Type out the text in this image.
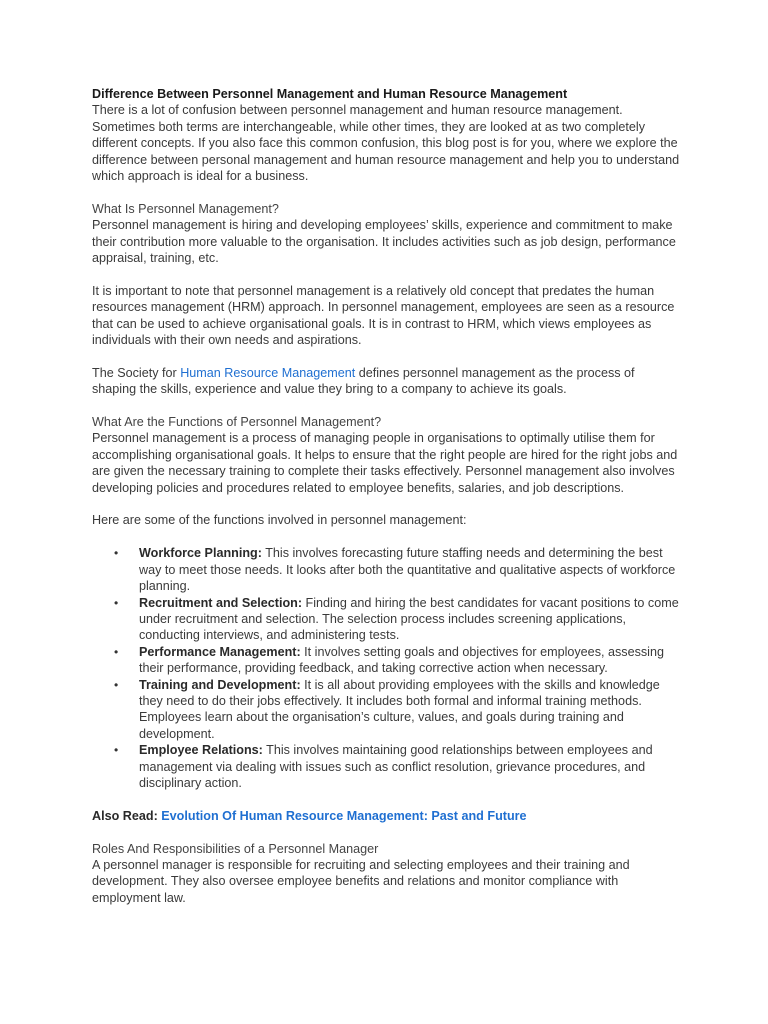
Difference Between Personnel Management and Human Resource Management

There is a lot of confusion between personnel management and human resource management. Sometimes both terms are interchangeable, while other times, they are looked at as two completely different concepts. If you also face this common confusion, this blog post is for you, where we explore the difference between personal management and human resource management and help you to understand which approach is ideal for a business.

What Is Personnel Management?

Personnel management is hiring and developing employees’ skills, experience and commitment to make their contribution more valuable to the organisation. It includes activities such as job design, performance appraisal, training, etc.

It is important to note that personnel management is a relatively old concept that predates the human resources management (HRM) approach. In personnel management, employees are seen as a resource that can be used to achieve organisational goals. It is in contrast to HRM, which views employees as individuals with their own needs and aspirations.

The Society for Human Resource Management defines personnel management as the process of shaping the skills, experience and value they bring to a company to achieve its goals.

What Are the Functions of Personnel Management?

Personnel management is a process of managing people in organisations to optimally utilise them for accomplishing organisational goals. It helps to ensure that the right people are hired for the right jobs and are given the necessary training to complete their tasks effectively. Personnel management also involves developing policies and procedures related to employee benefits, salaries, and job descriptions.

Here are some of the functions involved in personnel management:

• Workforce Planning: This involves forecasting future staffing needs and determining the best way to meet those needs. It looks after both the quantitative and qualitative aspects of workforce planning.
• Recruitment and Selection: Finding and hiring the best candidates for vacant positions to come under recruitment and selection. The selection process includes screening applications, conducting interviews, and administering tests.
• Performance Management: It involves setting goals and objectives for employees, assessing their performance, providing feedback, and taking corrective action when necessary.
• Training and Development: It is all about providing employees with the skills and knowledge they need to do their jobs effectively. It includes both formal and informal training methods. Employees learn about the organisation’s culture, values, and goals during training and development.
• Employee Relations: This involves maintaining good relationships between employees and management via dealing with issues such as conflict resolution, grievance procedures, and disciplinary action.

Also Read: Evolution Of Human Resource Management: Past and Future

Roles And Responsibilities of a Personnel Manager

A personnel manager is responsible for recruiting and selecting employees and their training and development. They also oversee employee benefits and relations and monitor compliance with employment law.
